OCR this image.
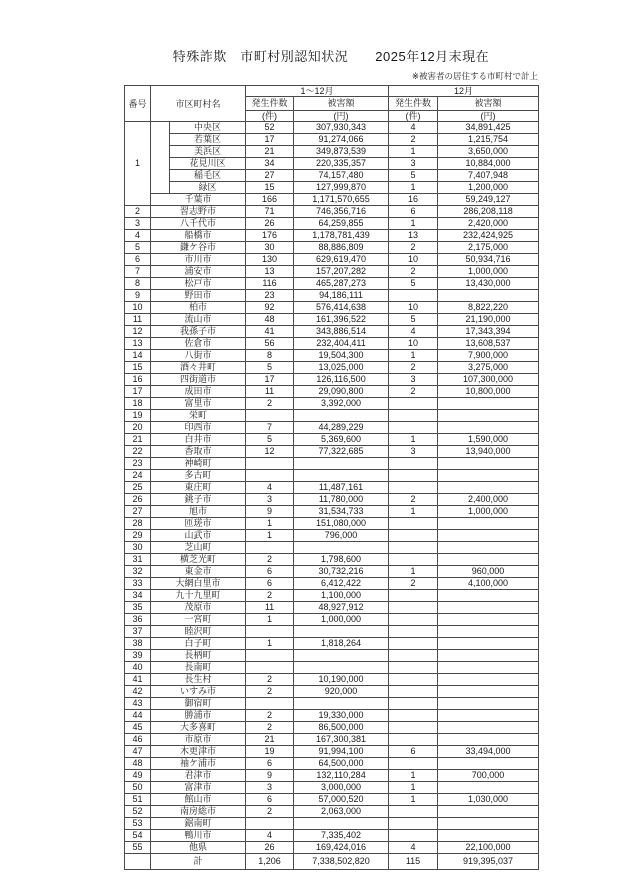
特殊詐欺　市町村別認知状況　　2025年12月末現在
※被害者の居住する市町村で計上
番号	市区町村名		1～12月		12月	
			発生件数	被害額	発生件数	被害額
			(件)	(円)	(件)	(円)
1		中央区	52	307,930,343	4	34,891,425
		若葉区	17	91,274,066	2	1,215,754
		美浜区	21	349,873,539	1	3,650,000
		花見川区	34	220,335,357	3	10,884,000
		稲毛区	27	74,157,480	5	7,407,948
		緑区	15	127,999,870	1	1,200,000
	千葉市		166	1,171,570,655	16	59,249,127
2	習志野市		71	746,356,716	6	286,208,118
3	八千代市		26	64,259,855	1	2,420,000
4	船橋市		176	1,178,781,439	13	232,424,925
5	鎌ケ谷市		30	88,886,809	2	2,175,000
6	市川市		130	629,619,470	10	50,934,716
7	浦安市		13	157,207,282	2	1,000,000
8	松戸市		116	465,287,273	5	13,430,000
9	野田市		23	94,186,111		
10	柏市		92	576,414,638	10	8,822,220
11	流山市		48	161,396,522	5	21,190,000
12	我孫子市		41	343,886,514	4	17,343,394
13	佐倉市		56	232,404,411	10	13,608,537
14	八街市		8	19,504,300	1	7,900,000
15	酒々井町		5	13,025,000	2	3,275,000
16	四街道市		17	126,116,500	3	107,300,000
17	成田市		11	29,090,800	2	10,800,000
18	富里市		2	3,392,000		
19	栄町					
20	印西市		7	44,289,229		
21	白井市		5	5,369,600	1	1,590,000
22	香取市		12	77,322,685	3	13,940,000
23	神崎町					
24	多古町					
25	東庄町		4	11,487,161		
26	銚子市		3	11,780,000	2	2,400,000
27	旭市		9	31,534,733	1	1,000,000
28	匝瑳市		1	151,080,000		
29	山武市		1	796,000		
30	芝山町					
31	横芝光町		2	1,798,600		
32	東金市		6	30,732,216	1	960,000
33	大網白里市		6	6,412,422	2	4,100,000
34	九十九里町		2	1,100,000		
35	茂原市		11	48,927,912		
36	一宮町		1	1,000,000		
37	睦沢町					
38	白子町		1	1,818,264		
39	長柄町					
40	長南町					
41	長生村		2	10,190,000		
42	いすみ市		2	920,000		
43	御宿町					
44	勝浦市		2	19,330,000		
45	大多喜町		2	86,500,000		
46	市原市		21	167,300,381		
47	木更津市		19	91,994,100	6	33,494,000
48	袖ケ浦市		6	64,500,000		
49	君津市		9	132,110,284	1	700,000
50	富津市		3	3,000,000	1	
51	館山市		6	57,000,520	1	1,030,000
52	南房総市		2	2,063,000		
53	鋸南町					
54	鴨川市		4	7,335,402		
55	他県		26	169,424,016	4	22,100,000
	計		1,206	7,338,502,820	115	919,395,037
